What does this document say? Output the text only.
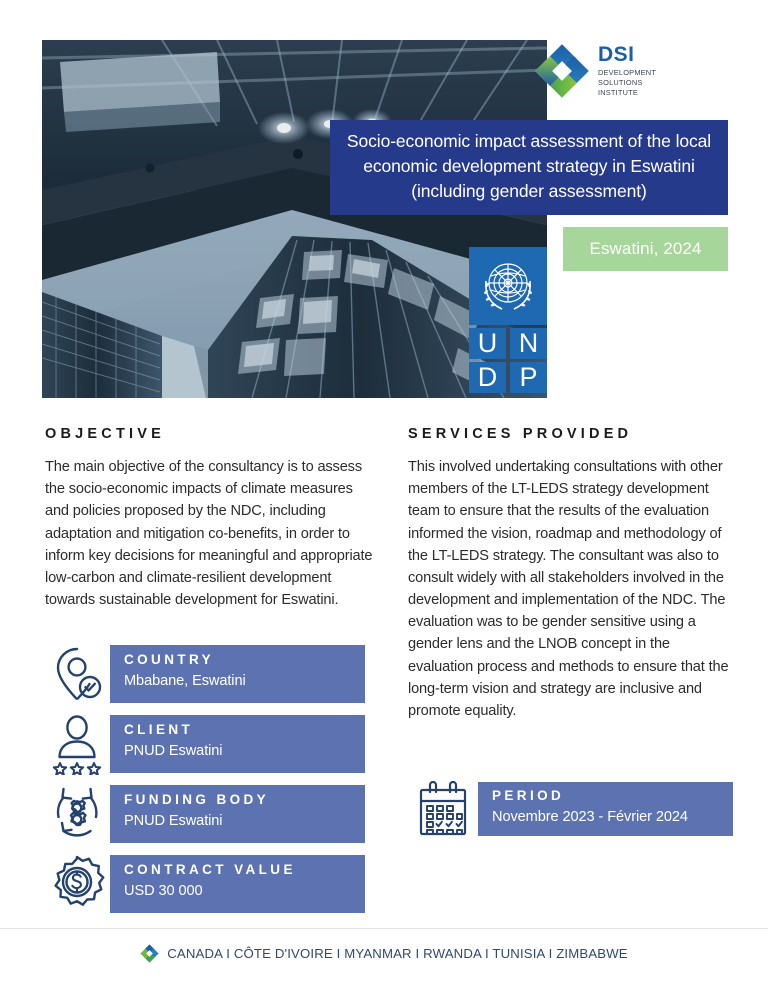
DSI
DEVELOPMENT
SOLUTIONS
INSTITUTE
Socio-economic impact assessment of the local economic development strategy in Eswatini (including gender assessment)
Eswatini, 2024
U N
D P
OBJECTIVE
The main objective of the consultancy is to assess the socio-economic impacts of climate measures and policies proposed by the NDC, including adaptation and mitigation co-benefits, in order to inform key decisions for meaningful and appropriate low-carbon and climate-resilient development towards sustainable development for Eswatini.
SERVICES PROVIDED
This involved undertaking consultations with other members of the LT-LEDS strategy development team to ensure that the results of the evaluation informed the vision, roadmap and methodology of the LT-LEDS strategy. The consultant was also to consult widely with all stakeholders involved in the development and implementation of the NDC. The evaluation was to be gender sensitive using a gender lens and the LNOB concept in the evaluation process and methods to ensure that the long-term vision and strategy are inclusive and promote equality.
COUNTRY
Mbabane, Eswatini
CLIENT
PNUD Eswatini
FUNDING BODY
PNUD Eswatini
CONTRACT VALUE
USD 30 000
PERIOD
Novembre 2023 - Février 2024
CANADA I CÔTE D'IVOIRE I MYANMAR I RWANDA I TUNISIA I ZIMBABWE
